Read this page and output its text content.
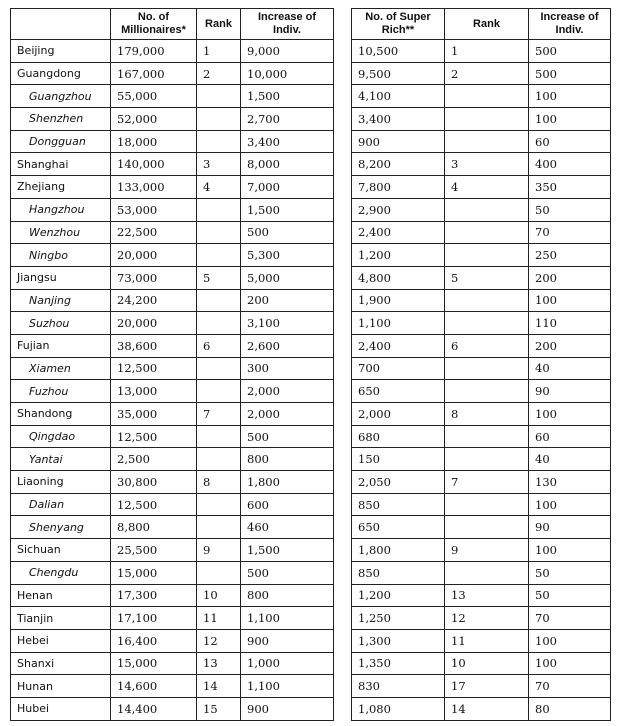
	No. of Millionaires*	Rank	Increase of Indiv.
Beijing	179,000	1	9,000
Guangdong	167,000	2	10,000
Guangzhou	55,000		1,500
Shenzhen	52,000		2,700
Dongguan	18,000		3,400
Shanghai	140,000	3	8,000
Zhejiang	133,000	4	7,000
Hangzhou	53,000		1,500
Wenzhou	22,500		500
Ningbo	20,000		5,300
Jiangsu	73,000	5	5,000
Nanjing	24,200		200
Suzhou	20,000		3,100
Fujian	38,600	6	2,600
Xiamen	12,500		300
Fuzhou	13,000		2,000
Shandong	35,000	7	2,000
Qingdao	12,500		500
Yantai	2,500		800
Liaoning	30,800	8	1,800
Dalian	12,500		600
Shenyang	8,800		460
Sichuan	25,500	9	1,500
Chengdu	15,000		500
Henan	17,300	10	800
Tianjin	17,100	11	1,100
Hebei	16,400	12	900
Shanxi	15,000	13	1,000
Hunan	14,600	14	1,100
Hubei	14,400	15	900
No. of Super Rich**	Rank	Increase of Indiv.
10,500	1	500
9,500	2	500
4,100		100
3,400		100
900		60
8,200	3	400
7,800	4	350
2,900		50
2,400		70
1,200		250
4,800	5	200
1,900		100
1,100		110
2,400	6	200
700		40
650		90
2,000	8	100
680		60
150		40
2,050	7	130
850		100
650		90
1,800	9	100
850		50
1,200	13	50
1,250	12	70
1,300	11	100
1,350	10	100
830	17	70
1,080	14	80
